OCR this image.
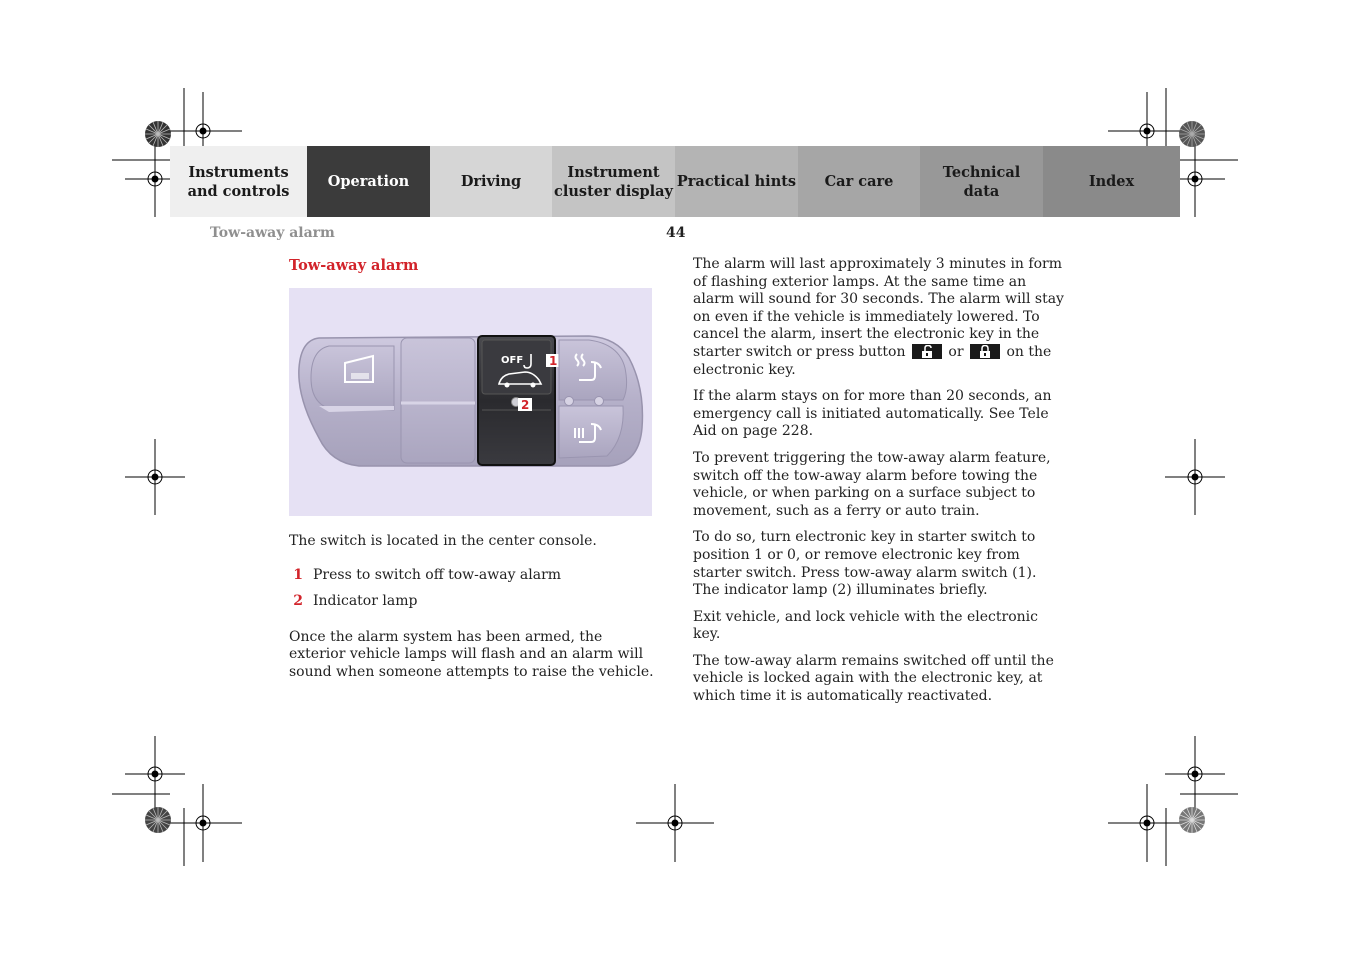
Instruments
and controls
Operation	Driving
Instrument
cluster display
Practical hints	Car care
Technical
data
Index
Tow-away alarm	44
Tow-away alarm
OFF 1
2

The switch is located in the center console.

1 Press to switch off tow-away alarm
2 Indicator lamp

Once the alarm system has been armed, the exterior vehicle lamps will flash and an alarm will sound when someone attempts to raise the vehicle.

The alarm will last approximately 3 minutes in form of flashing exterior lamps. At the same time an alarm will sound for 30 seconds. The alarm will stay on even if the vehicle is immediately lowered. To cancel the alarm, insert the electronic key in the starter switch or press button	or	on the electronic key.

If the alarm stays on for more than 20 seconds, an emergency call is initiated automatically. See Tele Aid on page 228.

To prevent triggering the tow-away alarm feature, switch off the tow-away alarm before towing the vehicle, or when parking on a surface subject to movement, such as a ferry or auto train.

To do so, turn electronic key in starter switch to position 1 or 0, or remove electronic key from starter switch. Press tow-away alarm switch (1). The indicator lamp (2) illuminates briefly.

Exit vehicle, and lock vehicle with the electronic key.

The tow-away alarm remains switched off until the vehicle is locked again with the electronic key, at which time it is automatically reactivated.
